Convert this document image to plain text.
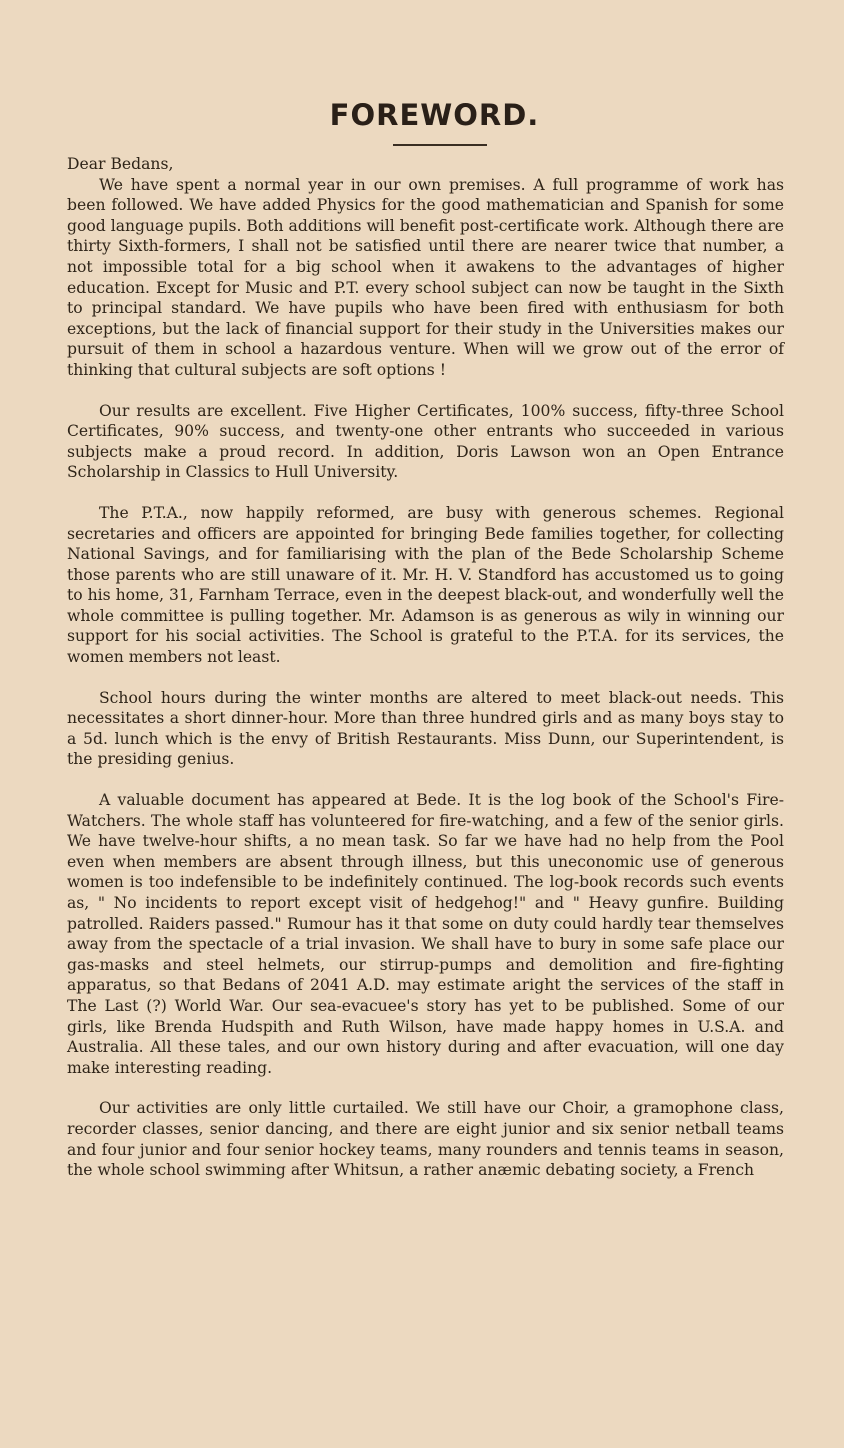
FOREWORD.

Dear Bedans,

We have spent a normal year in our own premises. A full programme of work has been followed. We have added Physics for the good mathematician and Spanish for some good language pupils. Both additions will benefit post-certificate work. Although there are thirty Sixth-formers, I shall not be satisfied until there are nearer twice that number, a not impossible total for a big school when it awakens to the advantages of higher education. Except for Music and P.T. every school subject can now be taught in the Sixth to principal standard. We have pupils who have been fired with enthusiasm for both exceptions, but the lack of financial support for their study in the Universities makes our pursuit of them in school a hazardous venture. When will we grow out of the error of thinking that cultural subjects are soft options !

Our results are excellent. Five Higher Certificates, 100% success, fifty-three School Certificates, 90% success, and twenty-one other entrants who succeeded in various subjects make a proud record. In addition, Doris Lawson won an Open Entrance Scholarship in Classics to Hull University.

The P.T.A., now happily reformed, are busy with generous schemes. Regional secretaries and officers are appointed for bringing Bede families together, for collecting National Savings, and for familiarising with the plan of the Bede Scholarship Scheme those parents who are still unaware of it. Mr. H. V. Standford has accustomed us to going to his home, 31, Farnham Terrace, even in the deepest black-out, and wonderfully well the whole committee is pulling together. Mr. Adamson is as generous as wily in winning our support for his social activities. The School is grateful to the P.T.A. for its services, the women members not least.

School hours during the winter months are altered to meet black-out needs. This necessitates a short dinner-hour. More than three hundred girls and as many boys stay to a 5d. lunch which is the envy of British Restaurants. Miss Dunn, our Superintendent, is the presiding genius.

A valuable document has appeared at Bede. It is the log book of the School's Fire-Watchers. The whole staff has volunteered for fire-watching, and a few of the senior girls. We have twelve-hour shifts, a no mean task. So far we have had no help from the Pool even when members are absent through illness, but this uneconomic use of generous women is too indefensible to be indefinitely continued. The log-book records such events as, " No incidents to report except visit of hedgehog!" and " Heavy gunfire. Building patrolled. Raiders passed." Rumour has it that some on duty could hardly tear themselves away from the spectacle of a trial invasion. We shall have to bury in some safe place our gas-masks and steel helmets, our stirrup-pumps and demolition and fire-fighting apparatus, so that Bedans of 2041 A.D. may estimate aright the services of the staff in The Last (?) World War. Our sea-evacuee's story has yet to be published. Some of our girls, like Brenda Hudspith and Ruth Wilson, have made happy homes in U.S.A. and Australia. All these tales, and our own history during and after evacuation, will one day make interesting reading.

Our activities are only little curtailed. We still have our Choir, a gramophone class, recorder classes, senior dancing, and there are eight junior and six senior netball teams and four junior and four senior hockey teams, many rounders and tennis teams in season, the whole school swimming after Whitsun, a rather anæmic debating society, a French
